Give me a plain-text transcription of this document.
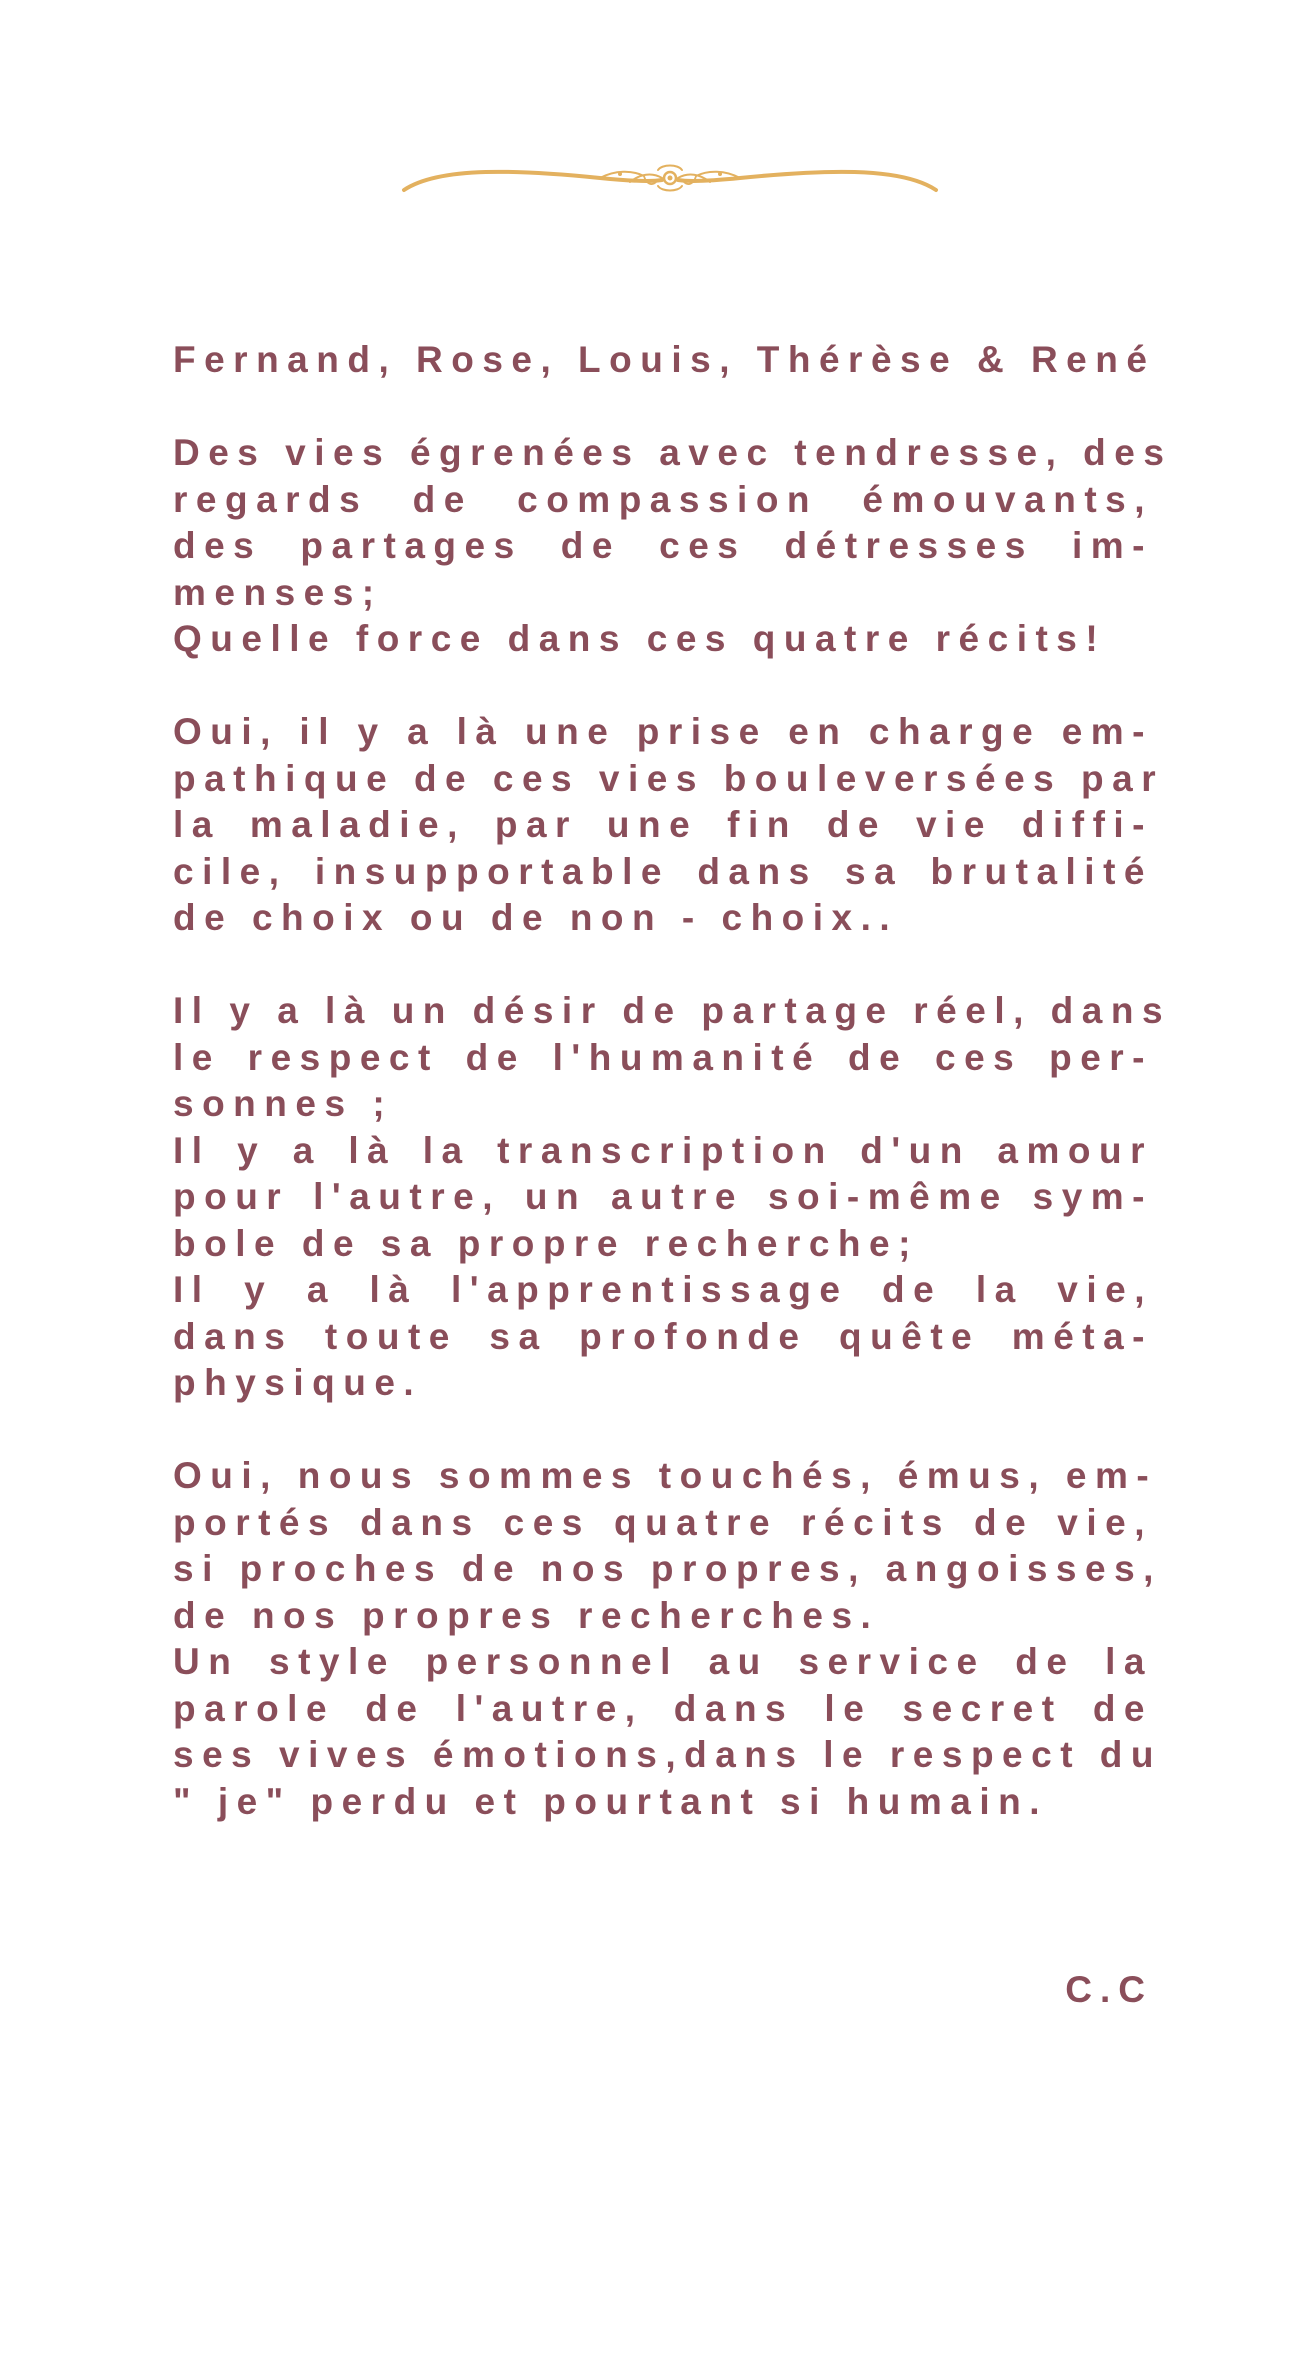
Fernand, Rose, Louis, Thérèse & René
Des vies égrenées avec tendresse, des
regards de compassion émouvants,
des partages de ces détresses im-
menses;
Quelle force dans ces quatre récits!
Oui, il y a là une prise en charge em-
pathique de ces vies bouleversées par
la maladie, par une fin de vie diffi-
cile, insupportable dans sa brutalité
de choix ou de non - choix..
Il y a là un désir de partage réel, dans
le respect de l'humanité de ces per-
sonnes ;
Il y a là la transcription d'un amour
pour l'autre, un autre soi-même sym-
bole de sa propre recherche;
Il y a là l'apprentissage de la vie,
dans toute sa profonde quête méta-
physique.
Oui, nous sommes touchés, émus, em-
portés dans ces quatre récits de vie,
si proches de nos propres, angoisses,
de nos propres recherches.
Un style personnel au service de la
parole de l'autre, dans le secret de
ses vives émotions,dans le respect du
" je" perdu et pourtant si humain.
C.C
